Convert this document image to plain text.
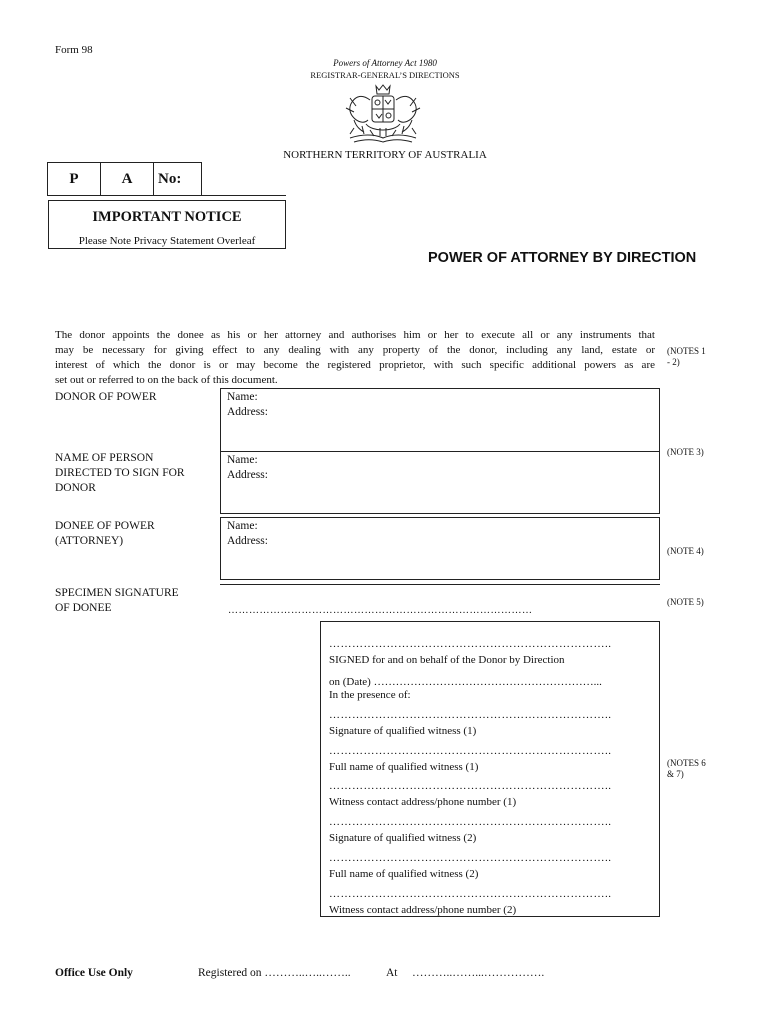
Form 98
Powers of Attorney Act 1980
REGISTRAR-GENERAL’S DIRECTIONS
NORTHERN TERRITORY OF AUSTRALIA
P	A	No:
IMPORTANT NOTICE
Please Note Privacy Statement Overleaf
POWER OF ATTORNEY BY DIRECTION
The donor appoints the donee as his or her attorney and authorises him or her to execute all or any instruments that
may be necessary for giving effect to any dealing with any property of the donor, including any land, estate or
interest of which the donor is or may become the registered proprietor, with such specific additional powers as are
set out or referred to on the back of this document.
(NOTES 1
- 2)
(NOTE 3)
(NOTE 4)
(NOTE 5)
(NOTES 6
& 7)
DONOR OF POWER	Name:
Address:
NAME OF PERSON
DIRECTED TO SIGN FOR
DONOR
Name:
Address:
DONEE OF POWER
(ATTORNEY)
Name:
Address:
SPECIMEN SIGNATURE
OF DONEE	……………………………………………………………………………
………………………………………………………………..
SIGNED for and on behalf of the Donor by Direction
on (Date) ……………………………………………………...
In the presence of:
………………………………………………………………..
Signature of qualified witness (1)
………………………………………………………………..
Full name of qualified witness (1)
………………………………………………………………..
Witness contact address/phone number (1)
………………………………………………………………..
Signature of qualified witness (2)
………………………………………………………………..
Full name of qualified witness (2)
………………………………………………………………..
Witness contact address/phone number (2)
Office Use Only	Registered on ………..…..……..	At ………..……...…………….
